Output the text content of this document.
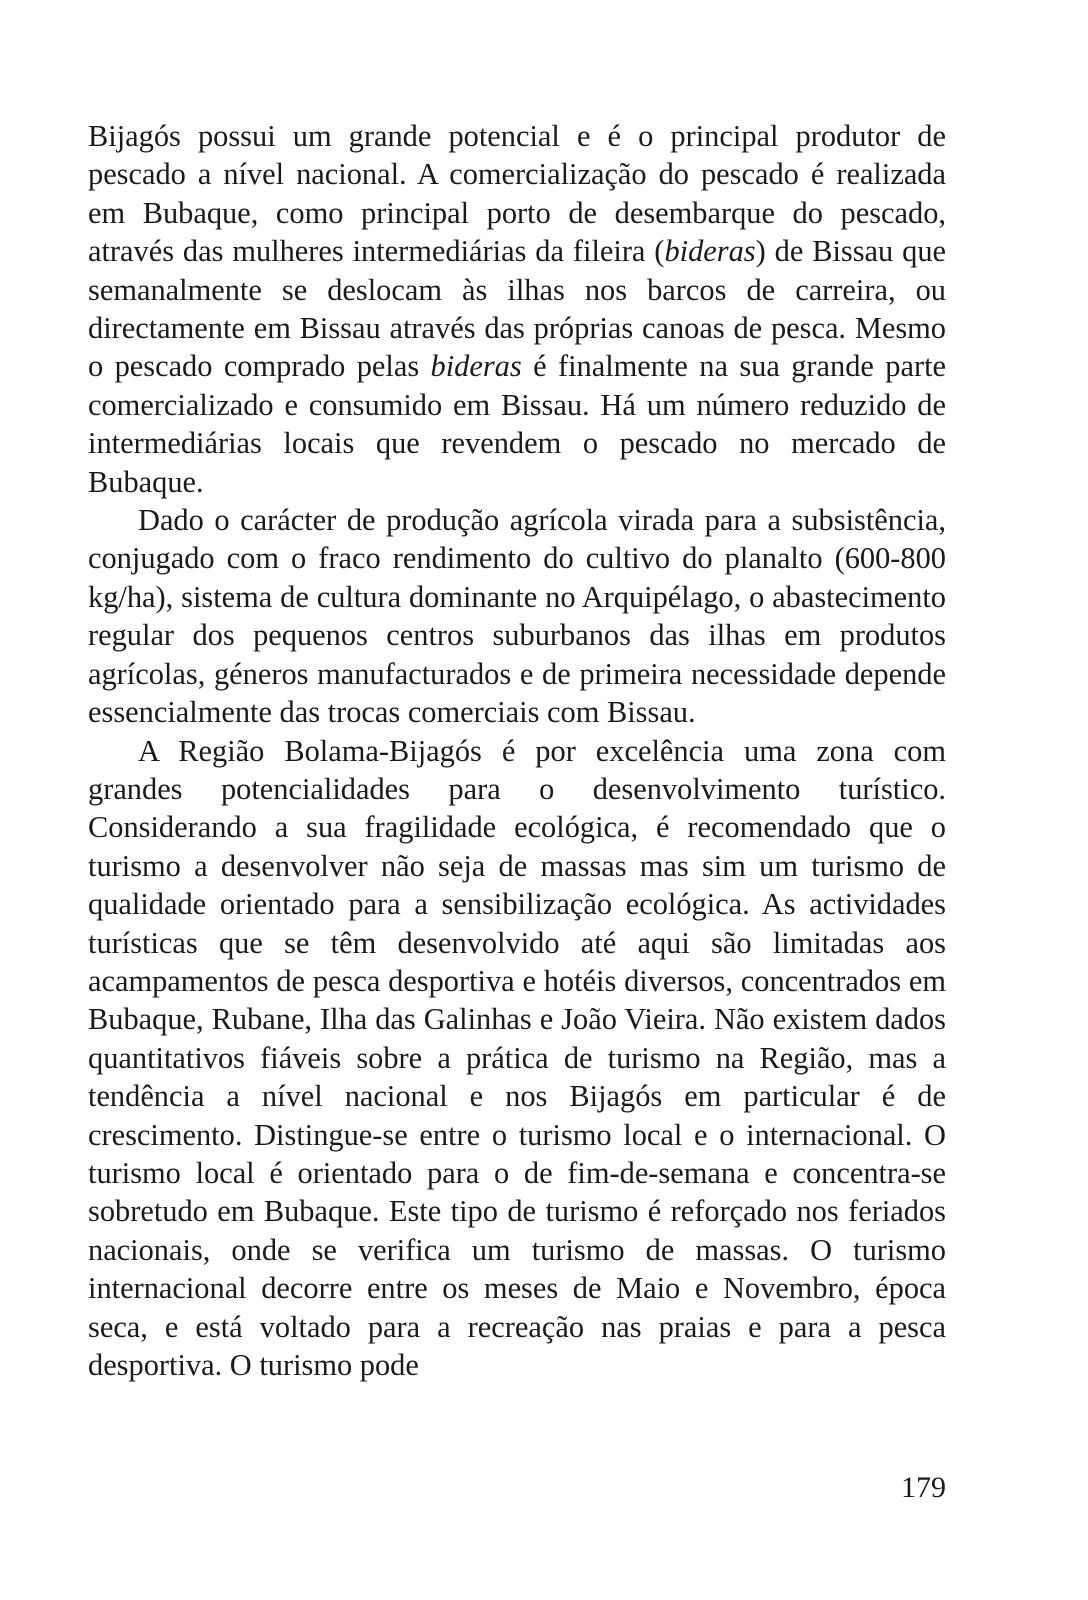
Bijagós possui um grande potencial e é o principal produtor de pescado a nível nacional. A comercialização do pescado é realizada em Bubaque, como principal porto de desembarque do pescado, através das mulheres intermediárias da fileira (bideras) de Bissau que semanalmente se deslocam às ilhas nos barcos de carreira, ou directamente em Bissau através das próprias canoas de pesca. Mesmo o pescado comprado pelas bideras é finalmente na sua grande parte comercializado e consumido em Bissau. Há um número reduzido de intermediárias locais que revendem o pescado no mercado de Bubaque.

Dado o carácter de produção agrícola virada para a subsistência, conjugado com o fraco rendimento do cultivo do planalto (600-800 kg/ha), sistema de cultura dominante no Arquipélago, o abastecimento regular dos pequenos centros suburbanos das ilhas em produtos agrícolas, géneros manufacturados e de primeira necessidade depende essencialmente das trocas comerciais com Bissau.

A Região Bolama-Bijagós é por excelência uma zona com grandes potencialidades para o desenvolvimento turístico. Considerando a sua fragilidade ecológica, é recomendado que o turismo a desenvolver não seja de massas mas sim um turismo de qualidade orientado para a sensibilização ecológica. As actividades turísticas que se têm desenvolvido até aqui são limitadas aos acampamentos de pesca desportiva e hotéis diversos, concentrados em Bubaque, Rubane, Ilha das Galinhas e João Vieira. Não existem dados quantitativos fiáveis sobre a prática de turismo na Região, mas a tendência a nível nacional e nos Bijagós em particular é de crescimento. Distingue-se entre o turismo local e o internacional. O turismo local é orientado para o de fim-de-semana e concentra-se sobretudo em Bubaque. Este tipo de turismo é reforçado nos feriados nacionais, onde se verifica um turismo de massas. O turismo internacional decorre entre os meses de Maio e Novembro, época seca, e está voltado para a recreação nas praias e para a pesca desportiva. O turismo pode

179
